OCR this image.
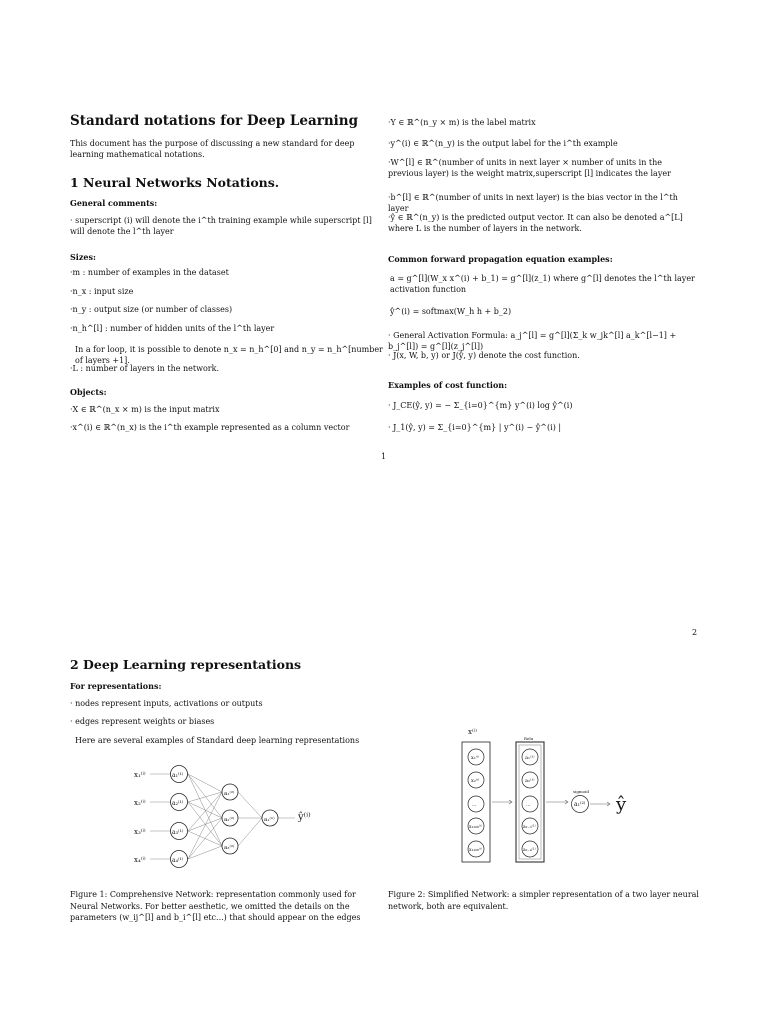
Standard notations for Deep Learning
This document has the purpose of discussing a new standard for deep learning mathematical notations.
1 Neural Networks Notations.
General comments:
· superscript (i) will denote the i^th training example while superscript [l] will denote the l^th layer
Sizes:
·m : number of examples in the dataset
·n_x : input size
·n_y : output size (or number of classes)
·n_h^[l] : number of hidden units of the l^th layer
In a for loop, it is possible to denote n_x = n_h^[0] and n_y = n_h^[number of layers +1].
·L : number of layers in the network.
Objects:
·X ∈ ℝ^(n_x × m) is the input matrix
·x^(i) ∈ ℝ^(n_x) is the i^th example represented as a column vector
·Y ∈ ℝ^(n_y × m) is the label matrix
·y^(i) ∈ ℝ^(n_y) is the output label for the i^th example
·W^[l] ∈ ℝ^(number of units in next layer × number of units in the previous layer) is the weight matrix,superscript [l] indicates the layer
·b^[l] ∈ ℝ^(number of units in next layer) is the bias vector in the l^th layer
·ŷ ∈ ℝ^(n_y) is the predicted output vector. It can also be denoted a^[L] where L is the number of layers in the network.
Common forward propagation equation examples:
a = g^[l](W_x x^(i) + b_1) = g^[l](z_1) where g^[l] denotes the l^th layer activation function
ŷ^(i) = softmax(W_h h + b_2)
· General Activation Formula: a_j^[l] = g^[l](Σ_k w_jk^[l] a_k^[l−1] + b_j^[l]) = g^[l](z_j^[l])
· J(x, W, b, y) or J(ŷ, y) denote the cost function.
Examples of cost function:
· J_CE(ŷ, y) = − Σ_{i=0}^{m} y^(i) log ŷ^(i)
· J_1(ŷ, y) = Σ_{i=0}^{m} | y^(i) − ŷ^(i) |
1
2
2 Deep Learning representations
For representations:
· nodes represent inputs, activations or outputs
· edges represent weights or biases
Here are several examples of Standard deep learning representations
x₁⁽ⁱ⁾
x₂⁽ⁱ⁾
x₃⁽ⁱ⁾
x₄⁽ⁱ⁾
a₁⁽¹⁾
a₂⁽¹⁾
a₃⁽¹⁾
a₄⁽¹⁾
a₁⁽²⁾
a₂⁽²⁾
a₃⁽²⁾
a₁⁽ⁿ⁾ ŷ⁽ⁱ⁾
Figure 1: Comprehensive Network: representation commonly used for Neural Networks. For better aesthetic, we omitted the details on the parameters (w_ij^[l] and b_i^[l] etc...) that should appear on the edges
x⁽ⁱ⁾
Relu
sigmoid
x₁⁽ⁱ⁾
x₂⁽ⁱ⁾
...
x₁₂₀₈⁽ⁱ⁾
x₁₂₀₈⁽ⁱ⁾
a₁⁽¹⁾
a₂⁽¹⁾
...
a₂₋₃⁽¹⁾
a₂₋₄⁽¹⁾
a₁⁽²⁾ ŷ
Figure 2: Simplified Network: a simpler representation of a two layer neural network, both are equivalent.
